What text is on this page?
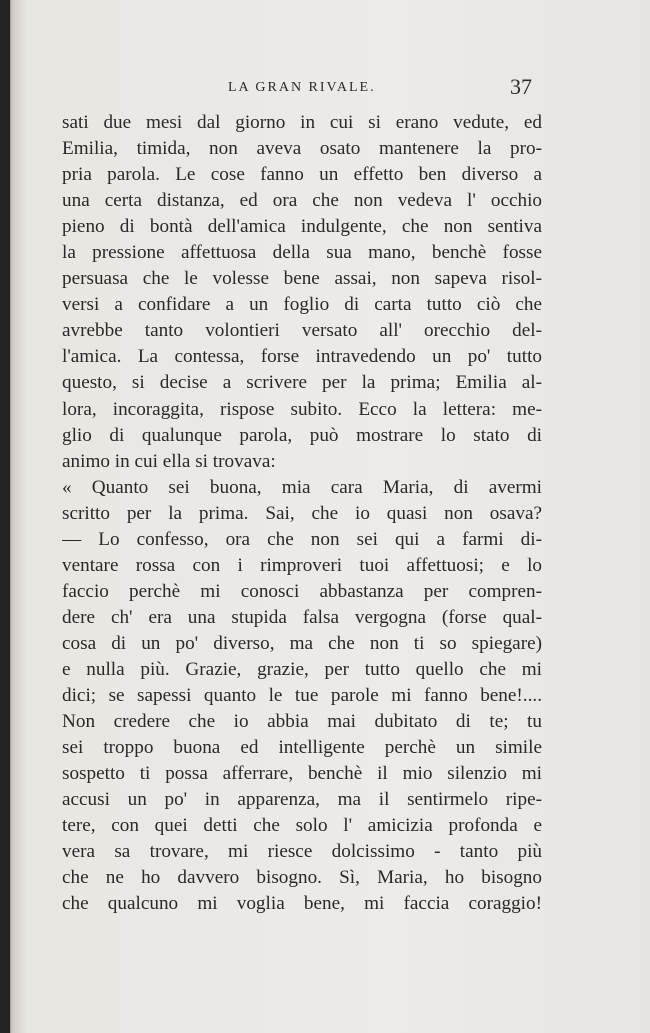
LA GRAN RIVALE.	37
sati due mesi dal giorno in cui si erano vedute, ed
Emilia, timida, non aveva osato mantenere la pro-
pria parola. Le cose fanno un effetto ben diverso a
una certa distanza, ed ora che non vedeva l' occhio
pieno di bontà dell'amica indulgente, che non sentiva
la pressione affettuosa della sua mano, benchè fosse
persuasa che le volesse bene assai, non sapeva risol-
versi a confidare a un foglio di carta tutto ciò che
avrebbe tanto volontieri versato all' orecchio del-
l'amica. La contessa, forse intravedendo un po' tutto
questo, si decise a scrivere per la prima; Emilia al-
lora, incoraggita, rispose subito. Ecco la lettera: me-
glio di qualunque parola, può mostrare lo stato di
animo in cui ella si trovava:
« Quanto sei buona, mia cara Maria, di avermi
scritto per la prima. Sai, che io quasi non osava?
— Lo confesso, ora che non sei qui a farmi di-
ventare rossa con i rimproveri tuoi affettuosi; e lo
faccio perchè mi conosci abbastanza per compren-
dere ch' era una stupida falsa vergogna (forse qual-
cosa di un po' diverso, ma che non ti so spiegare)
e nulla più. Grazie, grazie, per tutto quello che mi
dici; se sapessi quanto le tue parole mi fanno bene!....
Non credere che io abbia mai dubitato di te; tu
sei troppo buona ed intelligente perchè un simile
sospetto ti possa afferrare, benchè il mio silenzio mi
accusi un po' in apparenza, ma il sentirmelo ripe-
tere, con quei detti che solo l' amicizia profonda e
vera sa trovare, mi riesce dolcissimo - tanto più
che ne ho davvero bisogno. Sì, Maria, ho bisogno
che qualcuno mi voglia bene, mi faccia coraggio!
